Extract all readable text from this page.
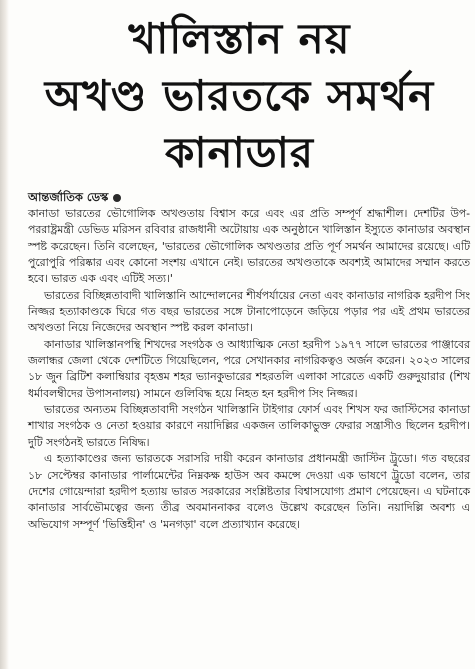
খালিস্তান নয়
অখণ্ড ভারতকে সমর্থন
কানাডার
আন্তর্জাতিক ডেস্ক

কানাডা ভারতের ভৌগোলিক অখণ্ডতায় বিশ্বাস করে এবং এর প্রতি সম্পূর্ণ শ্রদ্ধাশীল। দেশটির উপ-পররাষ্ট্রমন্ত্রী ডেভিড মরিসন রবিবার রাজধানী অটোয়ায় এক অনুষ্ঠানে খালিস্তান ইস্যুতে কানাডার অবস্থান স্পষ্ট করেছেন। তিনি বলেছেন, 'ভারতের ভৌগোলিক অখণ্ডতার প্রতি পূর্ণ সমর্থন আমাদের রয়েছে। এটি পুরোপুরি পরিষ্কার এবং কোনো সংশয় এখানে নেই। ভারতের অখণ্ডতাকে অবশ্যই আমাদের সম্মান করতে হবে। ভারত এক এবং এটিই সত্য।'

ভারতের বিচ্ছিন্নতাবাদী খালিস্তানি আন্দোলনের শীর্ষপর্যায়ের নেতা এবং কানাডার নাগরিক হরদীপ সিং নিজ্জর হত্যাকাণ্ডকে ঘিরে গত বছর ভারতের সঙ্গে টানাপোড়েনে জড়িয়ে পড়ার পর এই প্রথম ভারতের অখণ্ডতা নিয়ে নিজেদের অবস্থান স্পষ্ট করল কানাডা।

কানাডার খালিস্তানপন্থি শিখদের সংগঠক ও আধ্যাত্মিক নেতা হরদীপ ১৯৭৭ সালে ভারতের পাঞ্জাবের জলান্ধর জেলা থেকে দেশটিতে গিয়েছিলেন, পরে সেখানকার নাগরিকত্বও অর্জন করেন। ২০২৩ সালের ১৮ জুন ব্রিটিশ কলাম্বিয়ার বৃহত্তম শহর ভ্যানকুভারের শহরতলি এলাকা সারেতে একটি গুরুদুয়ারার (শিখ ধর্মাবলম্বীদের উপাসনালয়) সামনে গুলিবিদ্ধ হয়ে নিহত হন হরদীপ সিং নিজ্জর।

ভারতের অন্যতম বিচ্ছিন্নতাবাদী সংগঠন খালিস্তানি টাইগার ফোর্স এবং শিখস ফর জাস্টিসের কানাডা শাখার সংগঠক ও নেতা হওয়ার কারণে নয়াদিল্লির একজন তালিকাভুক্ত ফেরার সন্ত্রাসীও ছিলেন হরদীপ। দুটি সংগঠনই ভারতে নিষিদ্ধ।

এ হত্যাকাণ্ডের জন্য ভারতকে সরাসরি দায়ী করেন কানাডার প্রধানমন্ত্রী জাস্টিন ট্রুডো। গত বছরের ১৮ সেপ্টেম্বর কানাডার পার্লামেন্টের নিম্নকক্ষ হাউস অব কমন্সে দেওয়া এক ভাষণে ট্রুডো বলেন, তার দেশের গোয়েন্দারা হরদীপ হত্যায় ভারত সরকারের সংশ্লিষ্টতার বিশ্বাসযোগ্য প্রমাণ পেয়েছেন। এ ঘটনাকে কানাডার সার্বভৌমত্বের জন্য তীব্র অবমাননাকর বলেও উল্লেখ করেছেন তিনি। নয়াদিল্লি অবশ্য এ অভিযোগ সম্পূর্ণ 'ভিত্তিহীন' ও 'মনগড়া' বলে প্রত্যাখ্যান করেছে।
